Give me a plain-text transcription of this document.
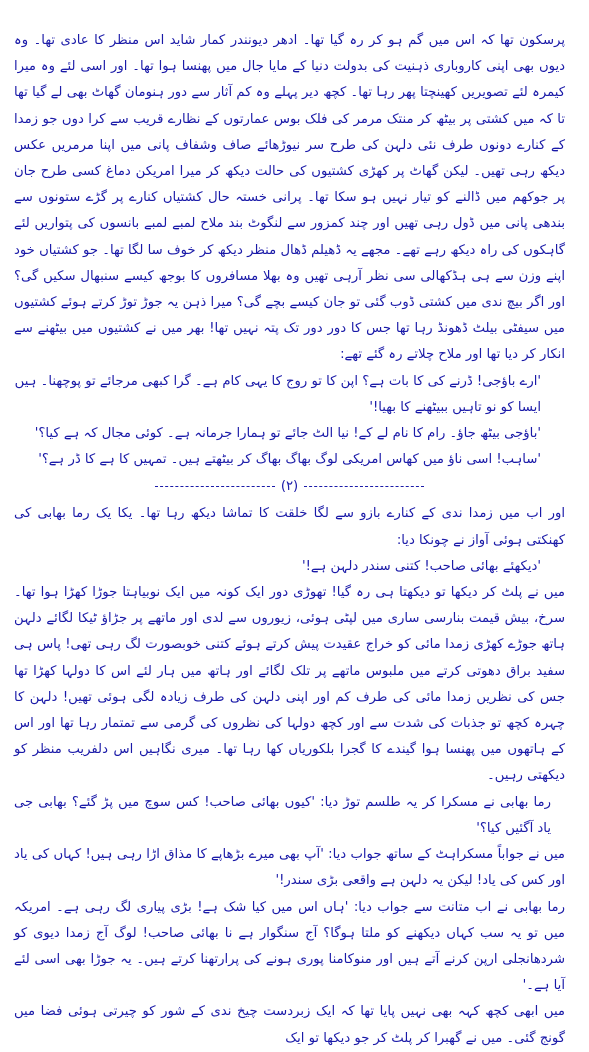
پرسکون تھا کہ اس میں گم ہو کر رہ گیا تھا۔ ادھر دیونندر کمار شاید اس منظر کا عادی تھا۔ وہ دیوں بھی اپنی کاروباری ذہنیت کی بدولت دنیا کے مایا جال میں پھنسا ہوا تھا۔ اور اسی لئے وہ میرا کیمرہ لئے تصویریں کھینچتا پھر رہا تھا۔ کچھ دیر پہلے وہ کم آثار سے دور ہنومان گھاٹ بھی لے گیا تھا تا کہ میں کشتی پر بیٹھ کر منتک مرمر کی فلک بوس عمارتوں کے نظارے قریب سے کرا دوں جو زمدا کے کنارے دونوں طرف نئی دلہن کی طرح سر نیوڑھائے صاف وشفاف پانی میں اپنا مرمریں عکس دیکھ رہی تھیں۔ لیکن گھاٹ پر کھڑی کشتیوں کی حالت دیکھ کر میرا امریکن دماغ کسی طرح جان پر جوکھم میں ڈالنے کو تیار نہیں ہو سکا تھا۔ پرانی خستہ حال کشتیاں کنارے پر گڑے ستونوں سے بندھی پانی میں ڈول رہی تھیں اور چند کمزور سے لنگوٹ بند ملاح لمبے لمبے بانسوں کی پتواریں لئے گاہکوں کی راہ دیکھ رہے تھے۔ مجھے یہ ڈھیلم ڈھال منظر دیکھ کر خوف سا لگا تھا۔ جو کشتیاں خود اپنے وزن سے ہی ہڈکھالی سی نظر آرہی تھیں وہ بھلا مسافروں کا بوجھ کیسے سنبھال سکیں گی؟ اور اگر بیچ ندی میں کشتی ڈوب گئی تو جان کیسے بچے گی؟ میرا ذہن یہ جوڑ توڑ کرتے ہوئے کشتیوں میں سیفٹی بیلٹ ڈھونڈ رہا تھا جس کا دور دور تک پتہ نہیں تھا! بھر میں نے کشتیوں میں بیٹھنے سے انکار کر دیا تھا اور ملاح چلاتے رہ گئے تھے:

'ارے باؤجی! ڈرنے کی کا بات ہے؟ اپن کا تو روج کا یہی کام ہے۔ گرا کبھی مرجائے تو پوچھنا۔ ہیں ایسا کو نو تاہیں ببیٹھنے کا بھیا!'

'باؤجی بیٹھ جاؤ۔ رام کا نام لے کے! نیا الٹ جائے تو ہمارا جرمانہ ہے۔ کوئی مجال کہ ہے کیا؟'

'ساہب! اسی ناؤ میں کھاس امریکی لوگ بھاگ بھاگ کر بیٹھتے ہیں۔ تمہیں کا ہے کا ڈر ہے؟'

(۲)

اور اب میں زمدا ندی کے کنارے بازو سے لگا خلقت کا تماشا دیکھ رہا تھا۔ یکا یک رما بھابی کی کھنکتی ہوئی آواز نے چونکا دیا:

'دیکھئے بھائی صاحب! کتنی سندر دلہن ہے!'

میں نے پلٹ کر دیکھا تو دیکھتا ہی رہ گیا! تھوڑی دور ایک کونہ میں ایک نوبیاہتا جوڑا کھڑا ہوا تھا۔ سرخ، بیش قیمت بنارسی ساری میں لپٹی ہوئی، زیوروں سے لدی اور ماتھے پر جڑاؤ ٹیکا لگائے دلہن ہاتھ جوڑے کھڑی زمدا مائی کو خراج عقیدت پیش کرتے ہوئے کتنی خوبصورت لگ رہی تھی! پاس ہی سفید براق دھوتی کرتے میں ملبوس ماتھے پر تلک لگائے اور ہاتھ میں ہار لئے اس کا دولہا کھڑا تھا جس کی نظریں زمدا مائی کی طرف کم اور اپنی دلہن کی طرف زیادہ لگی ہوئی تھیں! دلہن کا چہرہ کچھ تو جذبات کی شدت سے اور کچھ دولہا کی نظروں کی گرمی سے تمتمار رہا تھا اور اس کے ہاتھوں میں پھنسا ہوا گیندے کا گجرا بلکوریاں کھا رہا تھا۔ میری نگاہیں اس دلفریب منظر کو دیکھتی رہیں۔

رما بھابی نے مسکرا کر یہ طلسم توڑ دیا: 'کیوں بھائی صاحب! کس سوچ میں پڑ گئے؟ بھابی جی یاد آگئیں کیا؟'

میں نے جواباً مسکراہٹ کے ساتھ جواب دیا: 'آپ بھی میرے بڑھاپے کا مذاق اڑا رہی ہیں! کہاں کی یاد اور کس کی یاد! لیکن یہ دلہن ہے واقعی بڑی سندر!'

رما بھابی نے اب متانت سے جواب دیا: 'ہاں اس میں کیا شک ہے! بڑی پیاری لگ رہی ہے۔ امریکہ میں تو یہ سب کہاں دیکھنے کو ملتا ہوگا؟ آج سنگوار ہے نا بھائی صاحب! لوگ آج زمدا دیوی کو شردھانجلی ارپن کرنے آتے ہیں اور منوکامنا پوری ہونے کی پرارتھنا کرتے ہیں۔ یہ جوڑا بھی اسی لئے آیا ہے۔'

میں ابھی کچھ کہہ بھی نہیں پایا تھا کہ ایک زبردست چیخ ندی کے شور کو چیرتی ہوئی فضا میں گونج گئی۔ میں نے گھبرا کر پلٹ کر جو دیکھا تو ایک
